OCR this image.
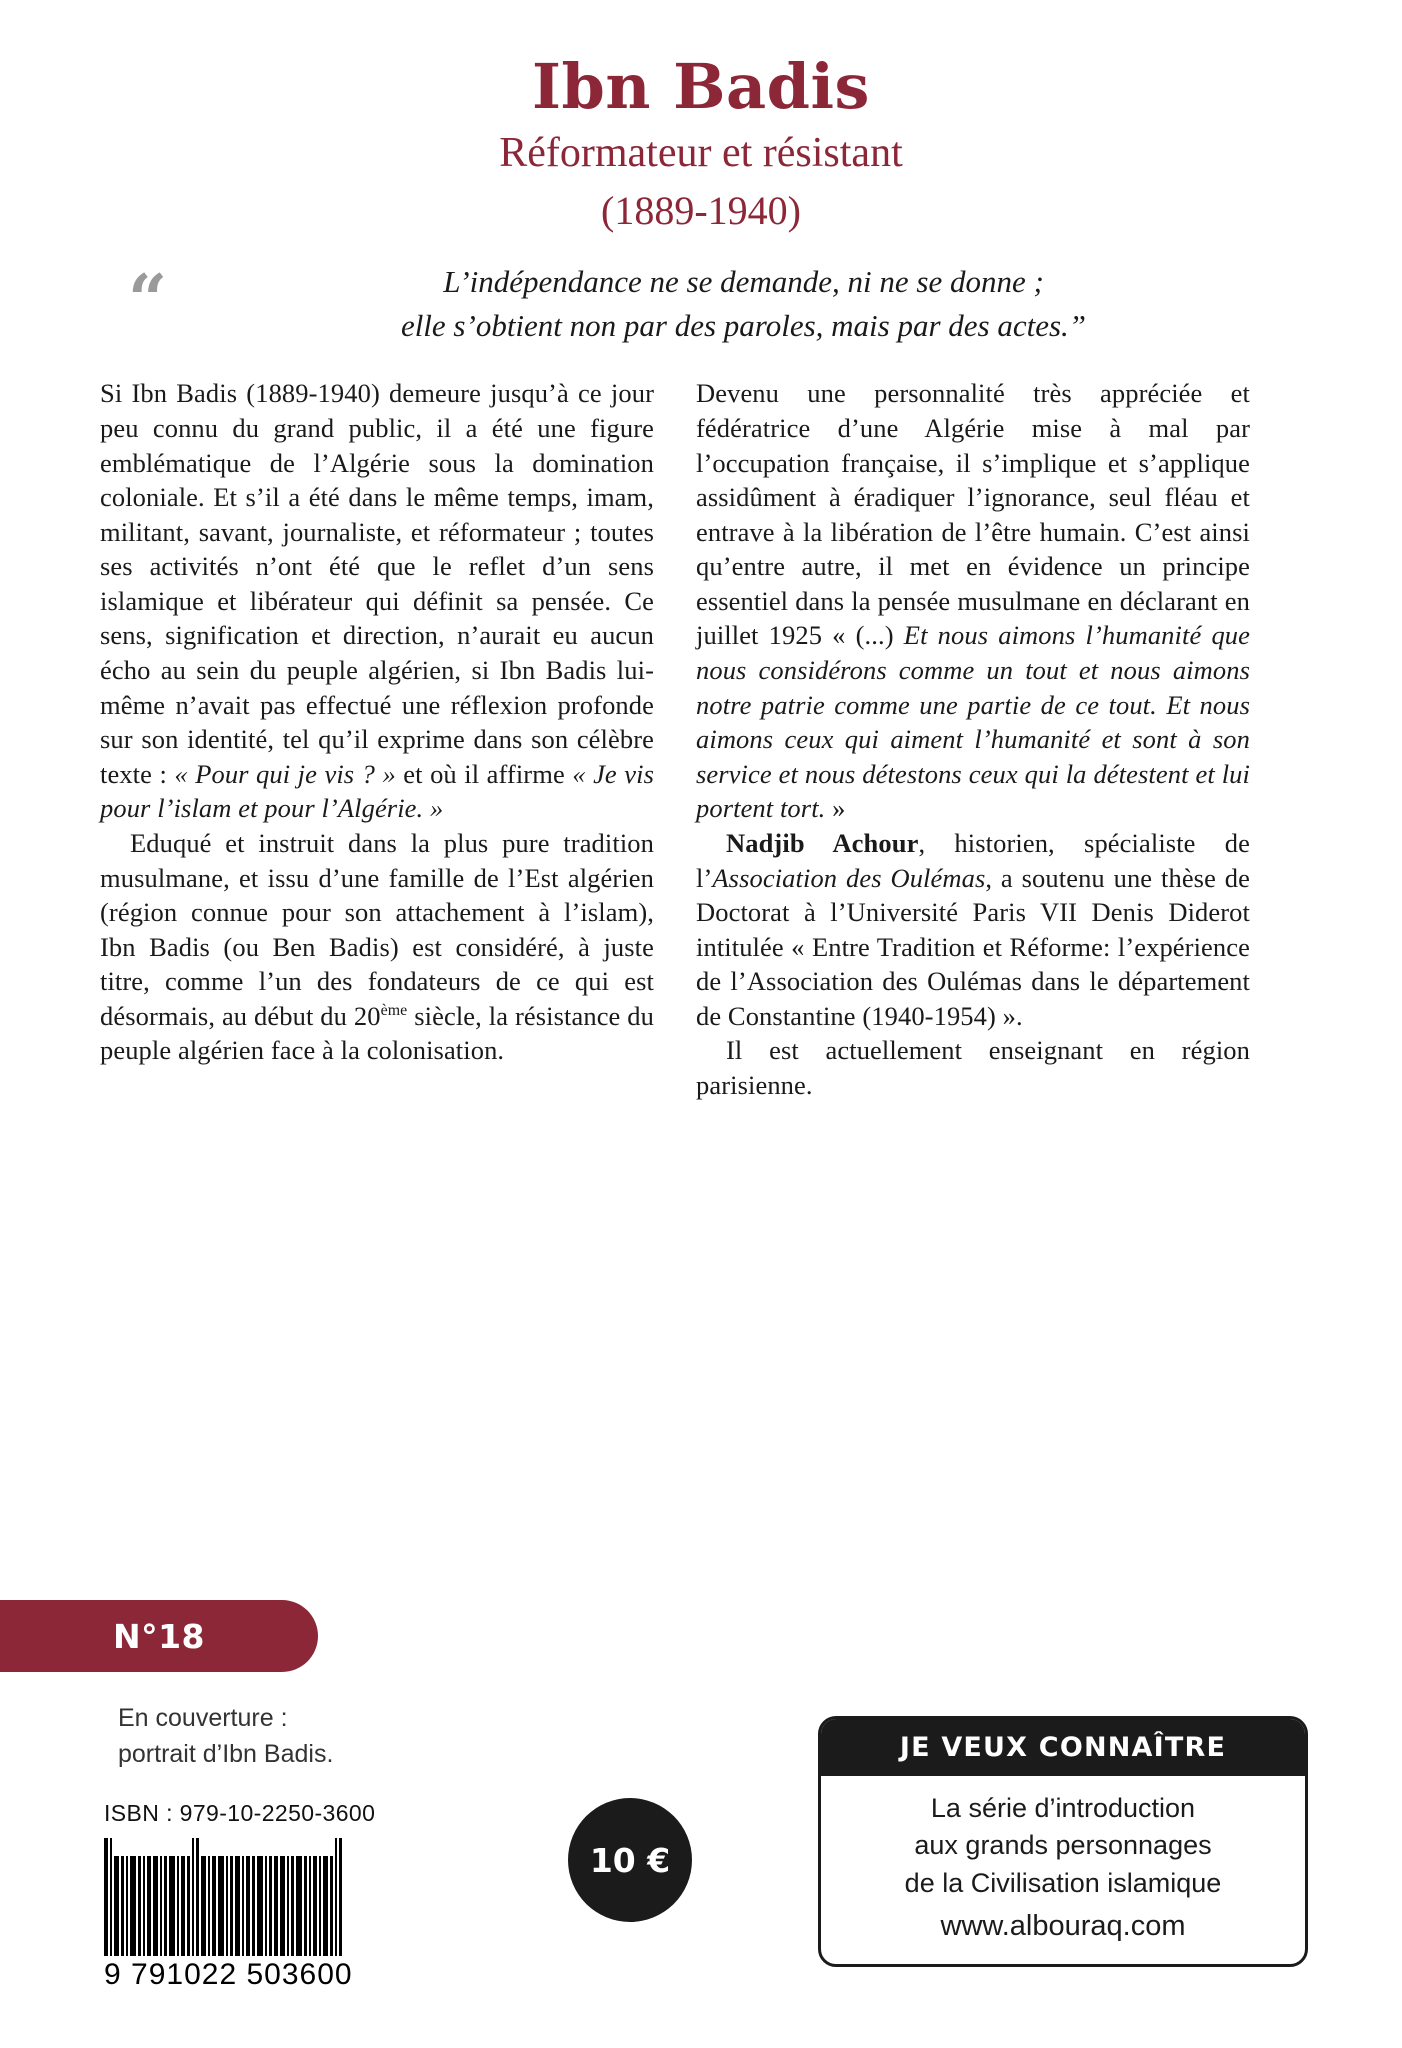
Ibn Badis
Réformateur et résistant
(1889-1940)
“	L’indépendance ne se demande, ni ne se donne ;
elle s’obtient non par des paroles, mais par des actes.”

Si Ibn Badis (1889-1940) demeure jusqu’à ce jour peu connu du grand public, il a été une figure emblématique de l’Algérie sous la domination coloniale. Et s’il a été dans le même temps, imam, militant, savant, journaliste, et réformateur ; toutes ses activités n’ont été que le reflet d’un sens islamique et libérateur qui définit sa pensée. Ce sens, signification et direction, n’aurait eu aucun écho au sein du peuple algérien, si Ibn Badis lui-même n’avait pas effectué une réflexion profonde sur son identité, tel qu’il exprime dans son célèbre texte : « Pour qui je vis ? » et où il affirme « Je vis pour l’islam et pour l’Algérie. »

Eduqué et instruit dans la plus pure tradition musulmane, et issu d’une famille de l’Est algérien (région connue pour son attachement à l’islam), Ibn Badis (ou Ben Badis) est considéré, à juste titre, comme l’un des fondateurs de ce qui est désormais, au début du 20ème siècle, la résistance du peuple algérien face à la colonisation.

Devenu une personnalité très appréciée et fédératrice d’une Algérie mise à mal par l’occupation française, il s’implique et s’applique assidûment à éradiquer l’ignorance, seul fléau et entrave à la libération de l’être humain. C’est ainsi qu’entre autre, il met en évidence un principe essentiel dans la pensée musulmane en déclarant en juillet 1925 « (...) Et nous aimons l’humanité que nous considérons comme un tout et nous aimons notre patrie comme une partie de ce tout. Et nous aimons ceux qui aiment l’humanité et sont à son service et nous détestons ceux qui la détestent et lui portent tort. »

Nadjib Achour, historien, spécialiste de l’Association des Oulémas, a soutenu une thèse de Doctorat à l’Université Paris VII Denis Diderot intitulée « Entre Tradition et Réforme: l’expérience de l’Association des Oulémas dans le département de Constantine (1940-1954) ».

Il est actuellement enseignant en région parisienne.

N°18
En couverture :
portrait d’Ibn Badis.
ISBN : 979-10-2250-3600
9 791022 503600
10 €
JE VEUX CONNAÎTRE
La série d’introduction
aux grands personnages
de la Civilisation islamique
www.albouraq.com
